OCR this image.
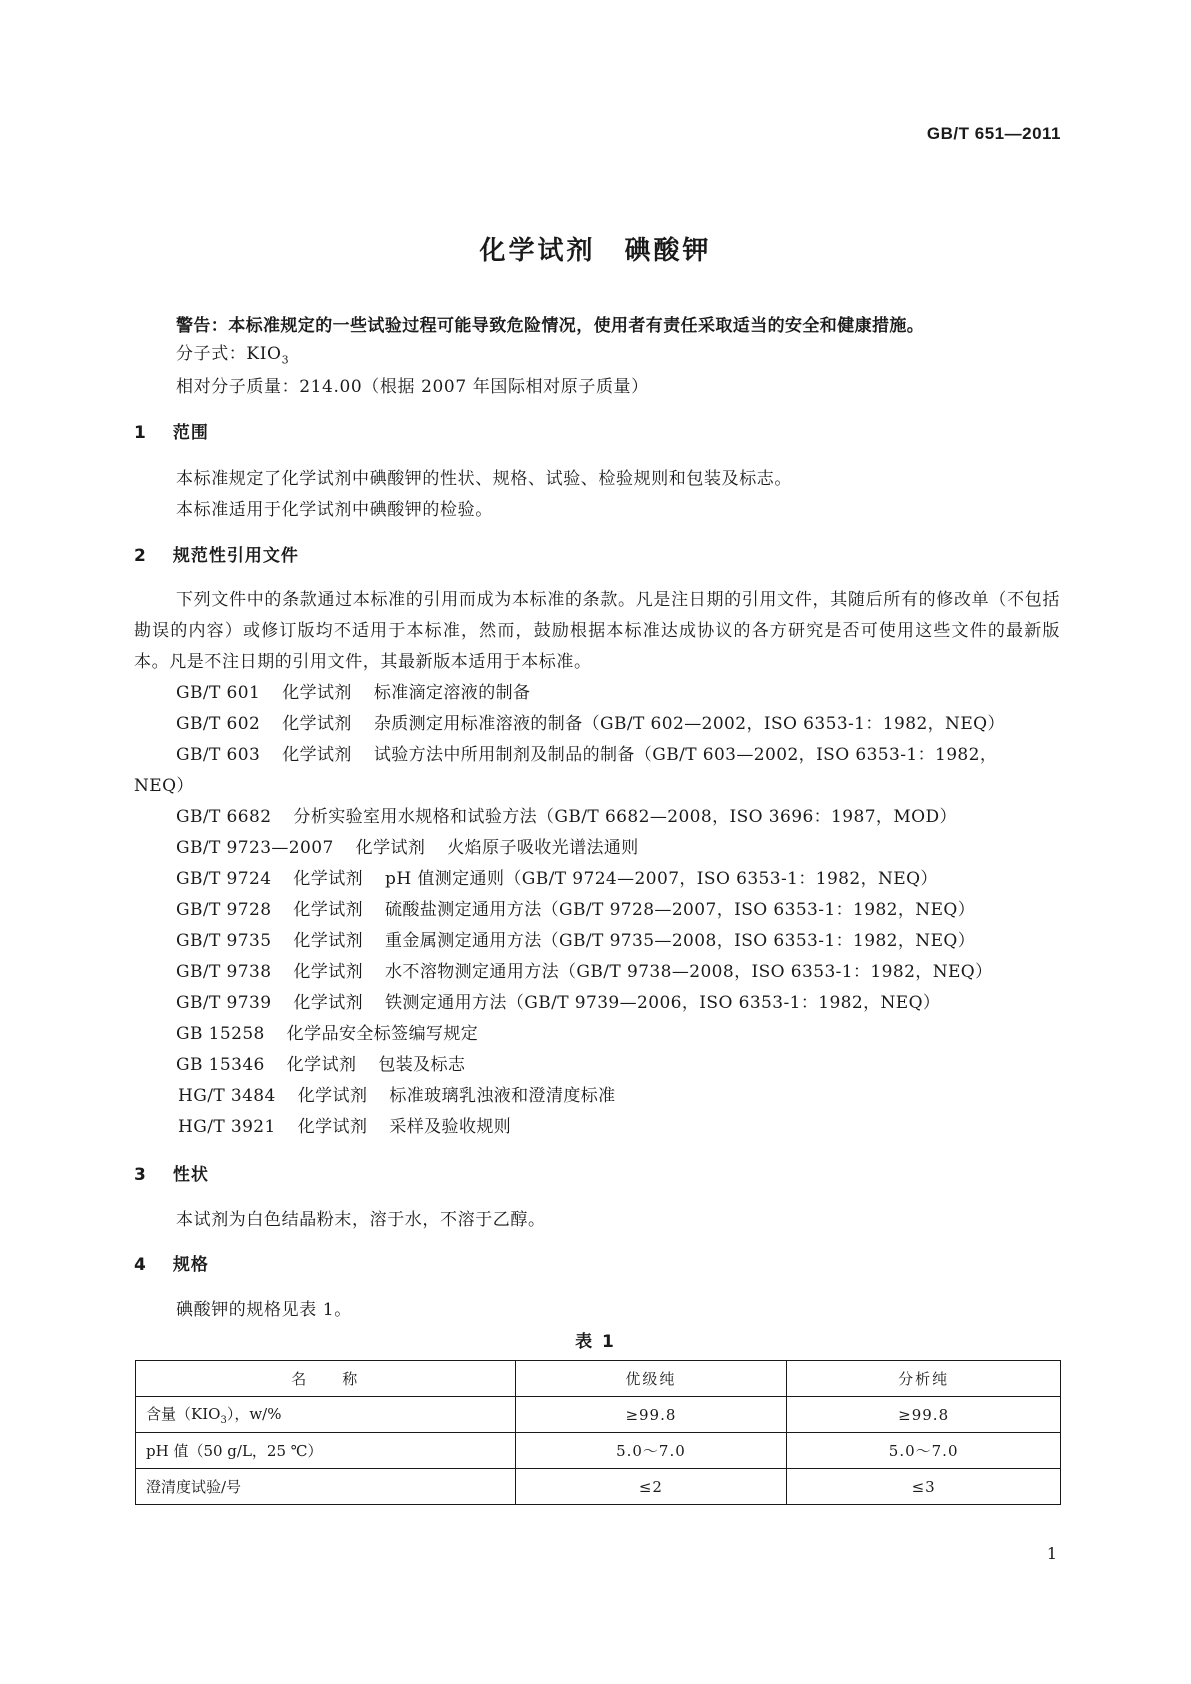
GB/T 651—2011
化学试剂　碘酸钾
警告：本标准规定的一些试验过程可能导致危险情况，使用者有责任采取适当的安全和健康措施。
分子式：$KIO_3$
相对分子质量：214.00（根据 2007 年国际相对原子质量）
1 范围
本标准规定了化学试剂中碘酸钾的性状、规格、试验、检验规则和包装及标志。
本标准适用于化学试剂中碘酸钾的检验。
2 规范性引用文件
下列文件中的条款通过本标准的引用而成为本标准的条款。凡是注日期的引用文件，其随后所有的修改单（不包括勘误的内容）或修订版均不适用于本标准，然而，鼓励根据本标准达成协议的各方研究是否可使用这些文件的最新版本。凡是不注日期的引用文件，其最新版本适用于本标准。
GB/T 601 化学试剂 标准滴定溶液的制备
GB/T 602 化学试剂 杂质测定用标准溶液的制备（GB/T 602—2002，ISO 6353-1：1982，NEQ）
GB/T 603 化学试剂 试验方法中所用制剂及制品的制备（GB/T 603—2002，ISO 6353-1：1982，
NEQ）
GB/T 6682 分析实验室用水规格和试验方法（GB/T 6682—2008，ISO 3696：1987，MOD）
GB/T 9723—2007 化学试剂 火焰原子吸收光谱法通则
GB/T 9724 化学试剂 pH 值测定通则（GB/T 9724—2007，ISO 6353-1：1982，NEQ）
GB/T 9728 化学试剂 硫酸盐测定通用方法（GB/T 9728—2007，ISO 6353-1：1982，NEQ）
GB/T 9735 化学试剂 重金属测定通用方法（GB/T 9735—2008，ISO 6353-1：1982，NEQ）
GB/T 9738 化学试剂 水不溶物测定通用方法（GB/T 9738—2008，ISO 6353-1：1982，NEQ）
GB/T 9739 化学试剂 铁测定通用方法（GB/T 9739—2006，ISO 6353-1：1982，NEQ）
GB 15258 化学品安全标签编写规定
GB 15346 化学试剂 包装及标志
HG/T 3484 化学试剂 标准玻璃乳浊液和澄清度标准
HG/T 3921 化学试剂 采样及验收规则
3 性状
本试剂为白色结晶粉末，溶于水，不溶于乙醇。
4 规格
碘酸钾的规格见表 1。
表 1
名　　称	优级纯	分析纯
含量$(KIO_3)$，w/%	≥99.8	≥99.8
pH 值（50 g/L，25 ℃）	5.0～7.0	5.0～7.0
澄清度试验/号	≤2	≤3
1
